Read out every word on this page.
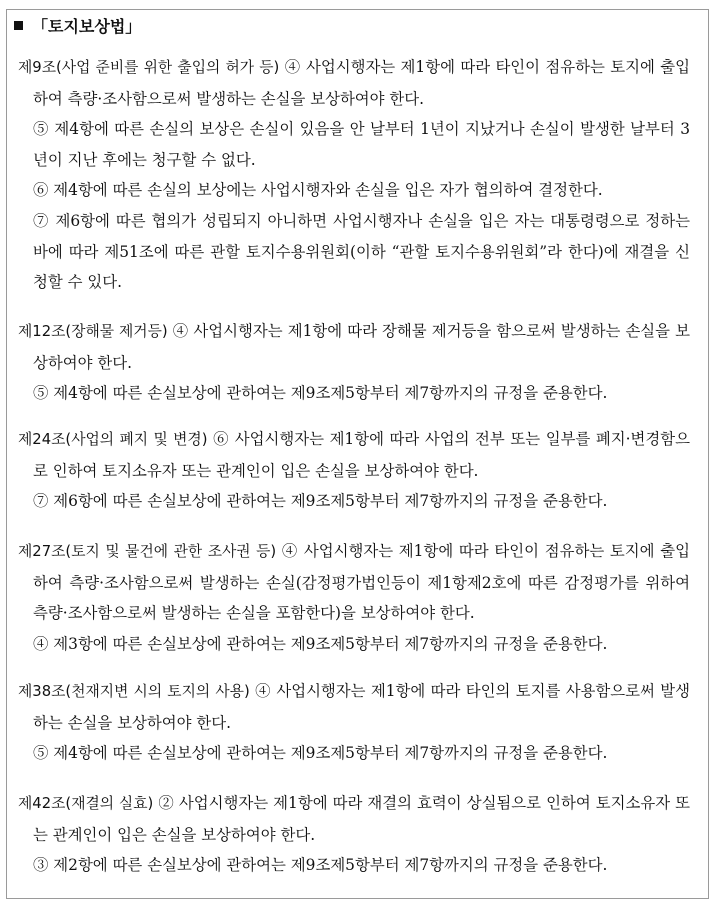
「토지보상법」

제9조(사업 준비를 위한 출입의 허가 등) ④ 사업시행자는 제1항에 따라 타인이 점유하는 토지에 출입하여 측량·조사함으로써 발생하는 손실을 보상하여야 한다.

⑤ 제4항에 따른 손실의 보상은 손실이 있음을 안 날부터 1년이 지났거나 손실이 발생한 날부터 3년이 지난 후에는 청구할 수 없다.

⑥ 제4항에 따른 손실의 보상에는 사업시행자와 손실을 입은 자가 협의하여 결정한다.

⑦ 제6항에 따른 협의가 성립되지 아니하면 사업시행자나 손실을 입은 자는 대통령령으로 정하는 바에 따라 제51조에 따른 관할 토지수용위원회(이하 “관할 토지수용위원회”라 한다)에 재결을 신청할 수 있다.

제12조(장해물 제거등) ④ 사업시행자는 제1항에 따라 장해물 제거등을 함으로써 발생하는 손실을 보상하여야 한다.

⑤ 제4항에 따른 손실보상에 관하여는 제9조제5항부터 제7항까지의 규정을 준용한다.

제24조(사업의 폐지 및 변경) ⑥ 사업시행자는 제1항에 따라 사업의 전부 또는 일부를 폐지·변경함으로 인하여 토지소유자 또는 관계인이 입은 손실을 보상하여야 한다.

⑦ 제6항에 따른 손실보상에 관하여는 제9조제5항부터 제7항까지의 규정을 준용한다.

제27조(토지 및 물건에 관한 조사권 등) ④ 사업시행자는 제1항에 따라 타인이 점유하는 토지에 출입하여 측량·조사함으로써 발생하는 손실(감정평가법인등이 제1항제2호에 따른 감정평가를 위하여 측량·조사함으로써 발생하는 손실을 포함한다)을 보상하여야 한다.

④ 제3항에 따른 손실보상에 관하여는 제9조제5항부터 제7항까지의 규정을 준용한다.

제38조(천재지변 시의 토지의 사용) ④ 사업시행자는 제1항에 따라 타인의 토지를 사용함으로써 발생하는 손실을 보상하여야 한다.

⑤ 제4항에 따른 손실보상에 관하여는 제9조제5항부터 제7항까지의 규정을 준용한다.

제42조(재결의 실효) ② 사업시행자는 제1항에 따라 재결의 효력이 상실됨으로 인하여 토지소유자 또는 관계인이 입은 손실을 보상하여야 한다.

③ 제2항에 따른 손실보상에 관하여는 제9조제5항부터 제7항까지의 규정을 준용한다.
